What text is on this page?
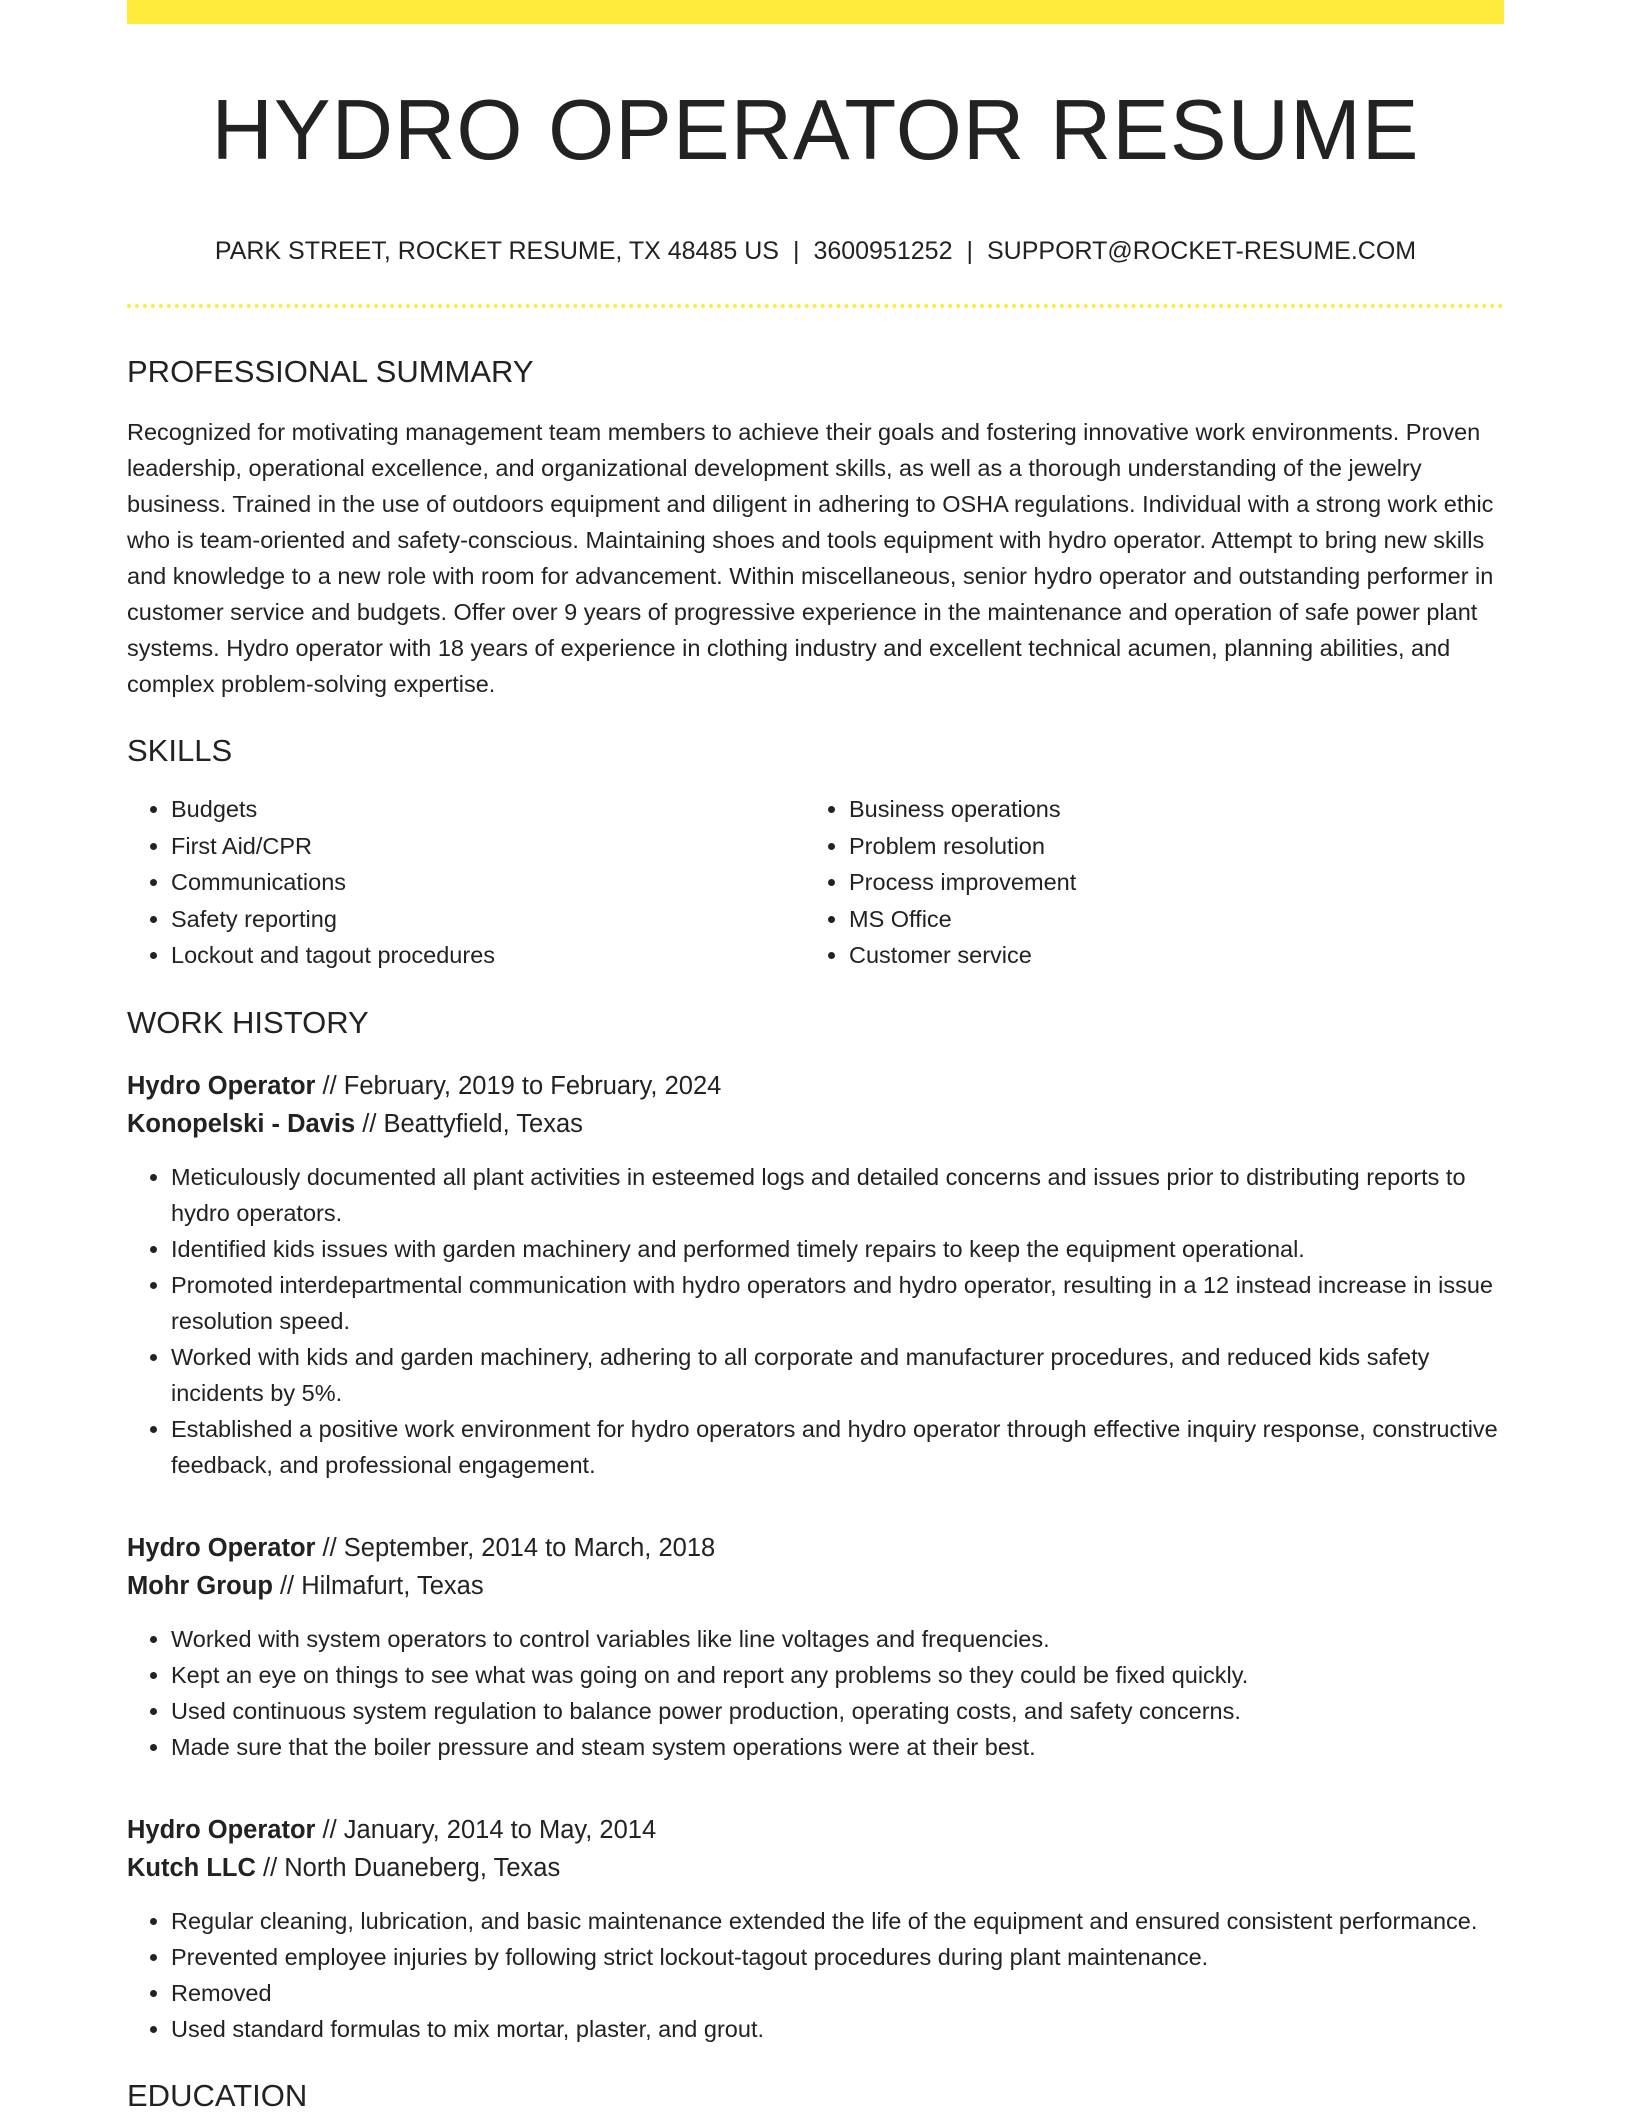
HYDRO OPERATOR RESUME
PARK STREET, ROCKET RESUME, TX 48485 US | 3600951252 | SUPPORT@ROCKET-RESUME.COM
PROFESSIONAL SUMMARY

Recognized for motivating management team members to achieve their goals and fostering innovative work environments. Proven leadership, operational excellence, and organizational development skills, as well as a thorough understanding of the jewelry business. Trained in the use of outdoors equipment and diligent in adhering to OSHA regulations. Individual with a strong work ethic who is team-oriented and safety-conscious. Maintaining shoes and tools equipment with hydro operator. Attempt to bring new skills and knowledge to a new role with room for advancement. Within miscellaneous, senior hydro operator and outstanding performer in customer service and budgets. Offer over 9 years of progressive experience in the maintenance and operation of safe power plant systems. Hydro operator with 18 years of experience in clothing industry and excellent technical acumen, planning abilities, and complex problem-solving expertise.

SKILLS
• Budgets
• First Aid/CPR
• Communications
• Safety reporting
• Lockout and tagout procedures
• Business operations
• Problem resolution
• Process improvement
• MS Office
• Customer service
WORK HISTORY
Hydro Operator // February, 2019 to February, 2024
Konopelski - Davis // Beattyfield, Texas
• Meticulously documented all plant activities in esteemed logs and detailed concerns and issues prior to distributing reports to hydro operators.
• Identified kids issues with garden machinery and performed timely repairs to keep the equipment operational.
• Promoted interdepartmental communication with hydro operators and hydro operator, resulting in a 12 instead increase in issue resolution speed.
• Worked with kids and garden machinery, adhering to all corporate and manufacturer procedures, and reduced kids safety incidents by 5%.
• Established a positive work environment for hydro operators and hydro operator through effective inquiry response, constructive feedback, and professional engagement.
Hydro Operator // September, 2014 to March, 2018
Mohr Group // Hilmafurt, Texas
• Worked with system operators to control variables like line voltages and frequencies.
• Kept an eye on things to see what was going on and report any problems so they could be fixed quickly.
• Used continuous system regulation to balance power production, operating costs, and safety concerns.
• Made sure that the boiler pressure and steam system operations were at their best.
Hydro Operator // January, 2014 to May, 2014
Kutch LLC // North Duaneberg, Texas
• Regular cleaning, lubrication, and basic maintenance extended the life of the equipment and ensured consistent performance.
• Prevented employee injuries by following strict lockout-tagout procedures during plant maintenance.
• Removed
• Used standard formulas to mix mortar, plaster, and grout.
EDUCATION
